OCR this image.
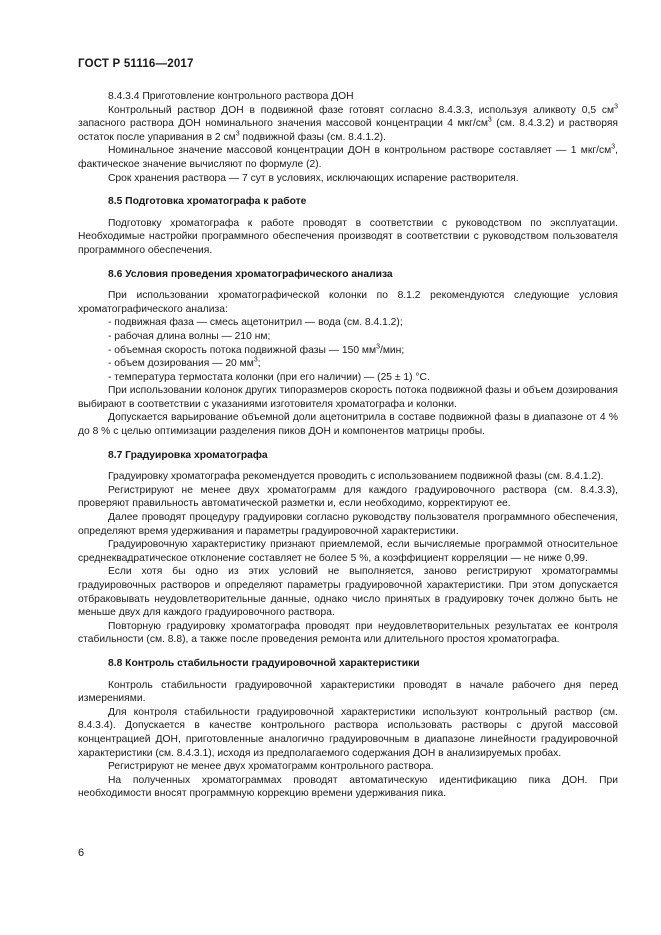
ГОСТ Р 51116—2017
8.4.3.4 Приготовление контрольного раствора ДОН
Контрольный раствор ДОН в подвижной фазе готовят согласно 8.4.3.3, используя аликвоту 0,5 $см^3$ запасного раствора ДОН номинального значения массовой концентрации 4 мкг/$см^3$ (см. 8.4.3.2) и растворяя остаток после упаривания в 2 $см^3$ подвижной фазы (см. 8.4.1.2).
Номинальное значение массовой концентрации ДОН в контрольном растворе составляет — 1 мкг/$см^3$, фактическое значение вычисляют по формуле (2).
Срок хранения раствора — 7 сут в условиях, исключающих испарение растворителя.
8.5 Подготовка хроматографа к работе
Подготовку хроматографа к работе проводят в соответствии с руководством по эксплуатации. Необходимые настройки программного обеспечения производят в соответствии с руководством пользователя программного обеспечения.
8.6 Условия проведения хроматографического анализа
При использовании хроматографической колонки по 8.1.2 рекомендуются следующие условия хроматографического анализа:
- подвижная фаза — смесь ацетонитрил — вода (см. 8.4.1.2);
- рабочая длина волны — 210 нм;
- объемная скорость потока подвижной фазы — 150 $мм^3$/мин;
- объем дозирования — 20 $мм^3$;
- температура термостата колонки (при его наличии) — (25 ± 1) °С.
При использовании колонок других типоразмеров скорость потока подвижной фазы и объем дозирования выбирают в соответствии с указаниями изготовителя хроматографа и колонки.
Допускается варьирование объемной доли ацетонитрила в составе подвижной фазы в диапазоне от 4 % до 8 % с целью оптимизации разделения пиков ДОН и компонентов матрицы пробы.
8.7 Градуировка хроматографа
Градуировку хроматографа рекомендуется проводить с использованием подвижной фазы (см. 8.4.1.2).
Регистрируют не менее двух хроматограмм для каждого градуировочного раствора (см. 8.4.3.3), проверяют правильность автоматической разметки и, если необходимо, корректируют ее.
Далее проводят процедуру градуировки согласно руководству пользователя программного обеспечения, определяют время удерживания и параметры градуировочной характеристики.
Градуировочную характеристику признают приемлемой, если вычисляемые программой относительное среднеквадратическое отклонение составляет не более 5 %, а коэффициент корреляции — не ниже 0,99.
Если хотя бы одно из этих условий не выполняется, заново регистрируют хроматограммы градуировочных растворов и определяют параметры градуировочной характеристики. При этом допускается отбраковывать неудовлетворительные данные, однако число принятых в градуировку точек должно быть не меньше двух для каждого градуировочного раствора.
Повторную градуировку хроматографа проводят при неудовлетворительных результатах ее контроля стабильности (см. 8.8), а также после проведения ремонта или длительного простоя хроматографа.
8.8 Контроль стабильности градуировочной характеристики
Контроль стабильности градуировочной характеристики проводят в начале рабочего дня перед измерениями.
Для контроля стабильности градуировочной характеристики используют контрольный раствор (см. 8.4.3.4). Допускается в качестве контрольного раствора использовать растворы с другой массовой концентрацией ДОН, приготовленные аналогично градуировочным в диапазоне линейности градуировочной характеристики (см. 8.4.3.1), исходя из предполагаемого содержания ДОН в анализируемых пробах.
Регистрируют не менее двух хроматограмм контрольного раствора.
На полученных хроматограммах проводят автоматическую идентификацию пика ДОН. При необходимости вносят программную коррекцию времени удерживания пика.
6
